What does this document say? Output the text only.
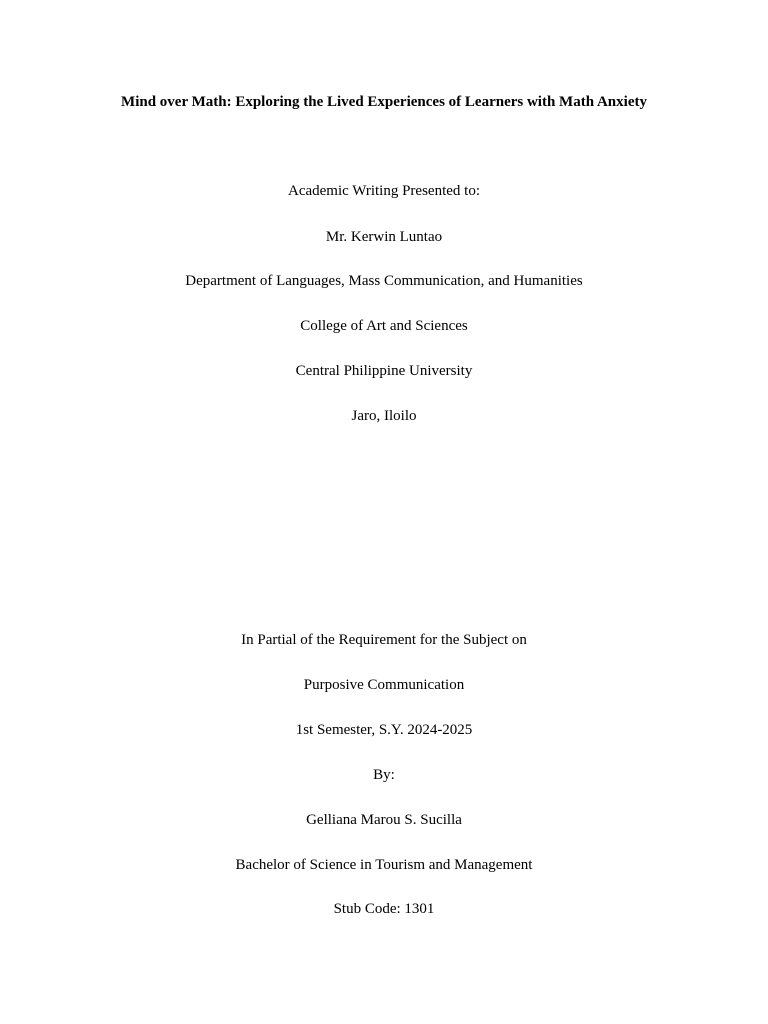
Mind over Math: Exploring the Lived Experiences of Learners with Math Anxiety
Academic Writing Presented to:
Mr. Kerwin Luntao
Department of Languages, Mass Communication, and Humanities
College of Art and Sciences
Central Philippine University
Jaro, Iloilo
In Partial of the Requirement for the Subject on
Purposive Communication
1st Semester, S.Y. 2024-2025
By:
Gelliana Marou S. Sucilla
Bachelor of Science in Tourism and Management
Stub Code: 1301
